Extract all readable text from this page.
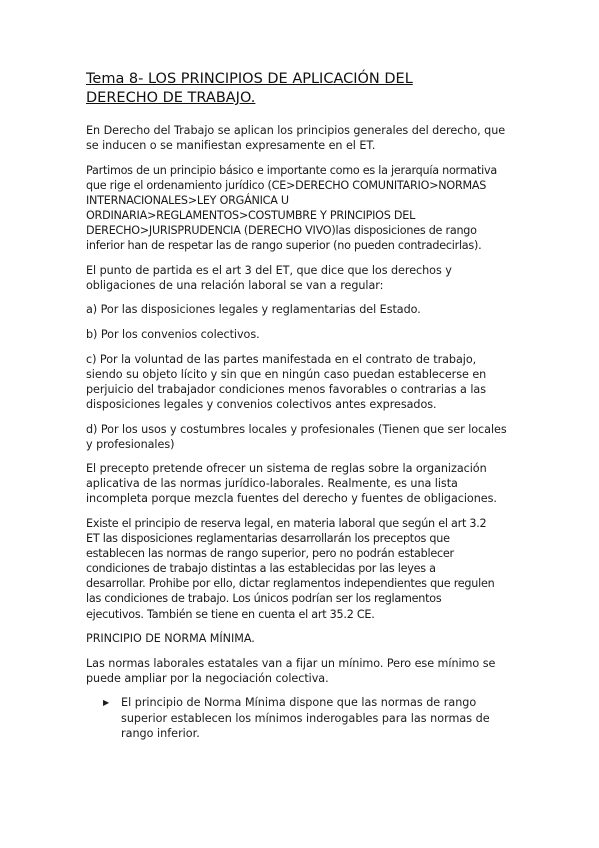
Tema 8- LOS PRINCIPIOS DE APLICACIÓN DEL
DERECHO DE TRABAJO.

En Derecho del Trabajo se aplican los principios generales del derecho, que
se inducen o se manifiestan expresamente en el ET.

Partimos de un principio básico e importante como es la jerarquía normativa
que rige el ordenamiento jurídico (CE>DERECHO COMUNITARIO>NORMAS
INTERNACIONALES>LEY ORGÁNICA U
ORDINARIA>REGLAMENTOS>COSTUMBRE Y PRINCIPIOS DEL
DERECHO>JURISPRUDENCIA (DERECHO VIVO)las disposiciones de rango
inferior han de respetar las de rango superior (no pueden contradecirlas).

El punto de partida es el art 3 del ET, que dice que los derechos y
obligaciones de una relación laboral se van a regular:

a) Por las disposiciones legales y reglamentarias del Estado.

b) Por los convenios colectivos.

c) Por la voluntad de las partes manifestada en el contrato de trabajo,
siendo su objeto lícito y sin que en ningún caso puedan establecerse en
perjuicio del trabajador condiciones menos favorables o contrarias a las
disposiciones legales y convenios colectivos antes expresados.

d) Por los usos y costumbres locales y profesionales (Tienen que ser locales
y profesionales)

El precepto pretende ofrecer un sistema de reglas sobre la organización
aplicativa de las normas jurídico-laborales. Realmente, es una lista
incompleta porque mezcla fuentes del derecho y fuentes de obligaciones.

Existe el principio de reserva legal, en materia laboral que según el art 3.2
ET las disposiciones reglamentarias desarrollarán los preceptos que
establecen las normas de rango superior, pero no podrán establecer
condiciones de trabajo distintas a las establecidas por las leyes a
desarrollar. Prohibe por ello, dictar reglamentos independientes que regulen
las condiciones de trabajo. Los únicos podrían ser los reglamentos
ejecutivos. También se tiene en cuenta el art 35.2 CE.

PRINCIPIO DE NORMA MÍNIMA.

Las normas laborales estatales van a fijar un mínimo. Pero ese mínimo se
puede ampliar por la negociación colectiva.

▶ El principio de Norma Mínima dispone que las normas de rango
superior establecen los mínimos inderogables para las normas de
rango inferior.
